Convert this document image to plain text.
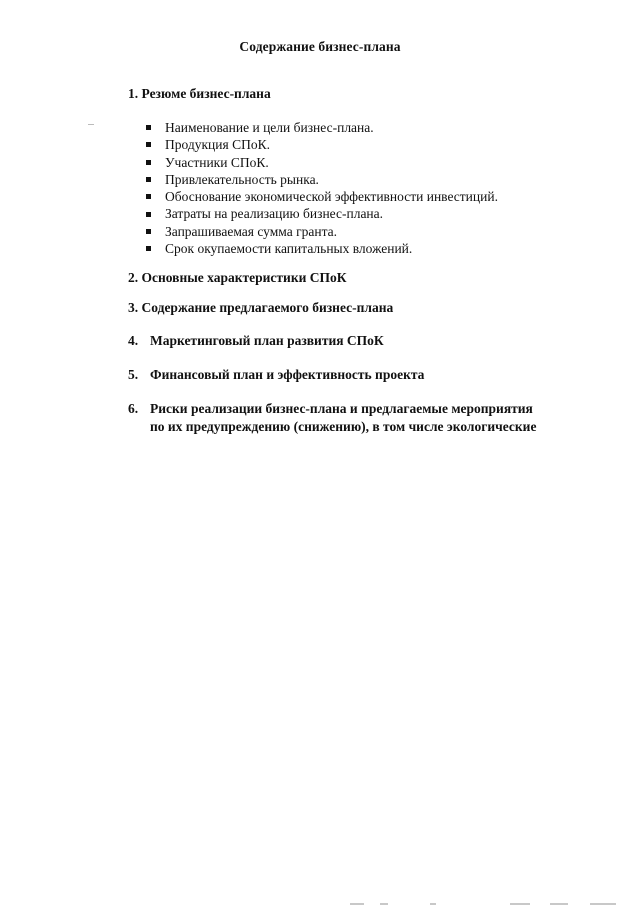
Содержание бизнес-плана
1. Резюме бизнес-плана
Наименование и цели бизнес-плана.
Продукция СПоК.
Участники СПоК.
Привлекательность рынка.
Обоснование экономической эффективности инвестиций.
Затраты на реализацию бизнес-плана.
Запрашиваемая сумма гранта.
Срок окупаемости капитальных вложений.
2. Основные характеристики СПоК
3. Содержание предлагаемого бизнес-плана
4. Маркетинговый план развития СПоК
5. Финансовый план и эффективность проекта
6. Риски реализации бизнес-плана и предлагаемые мероприятия
по их предупреждению (снижению), в том числе экологические
